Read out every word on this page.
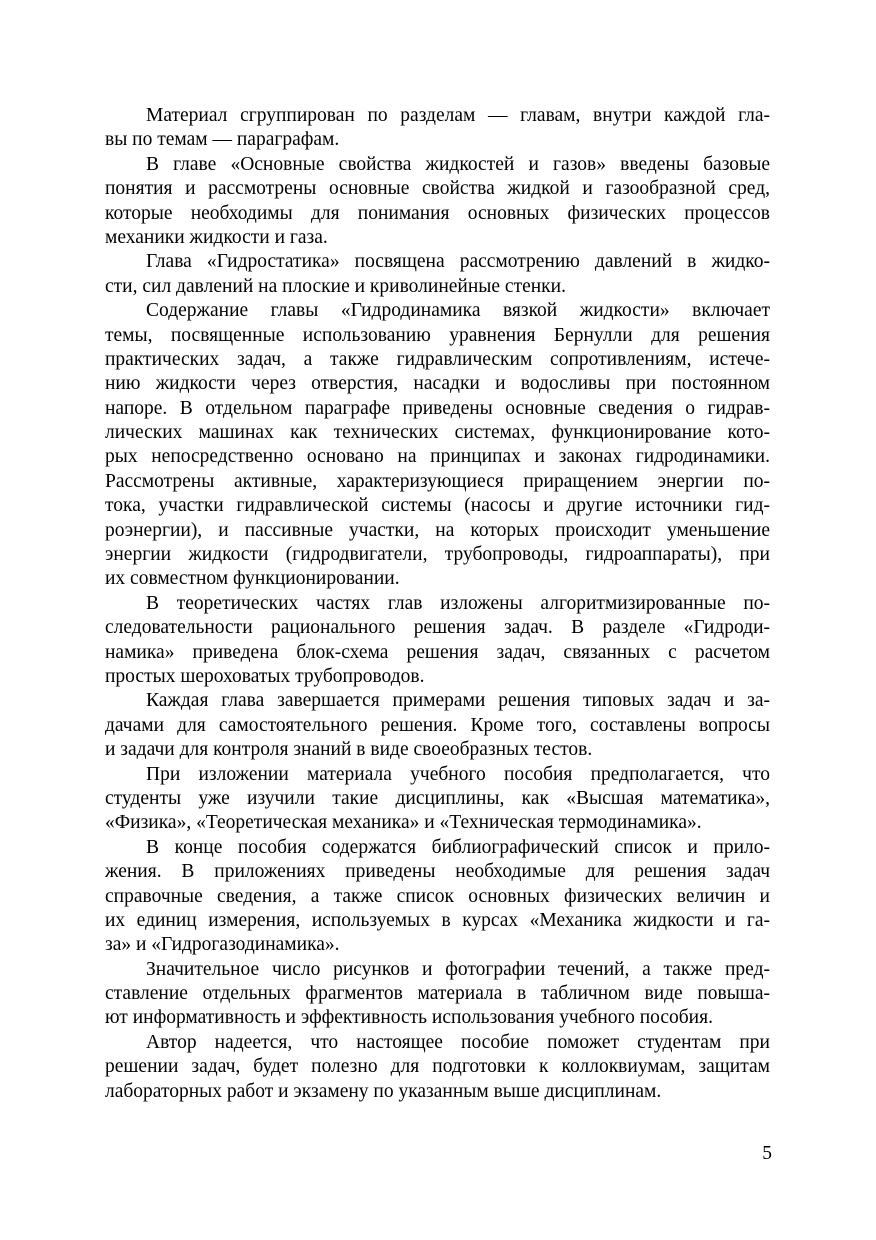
Материал сгруппирован по разделам — главам, внутри каждой гла-
вы по темам — параграфам.
В главе «Основные свойства жидкостей и газов» введены базовые
понятия и рассмотрены основные свойства жидкой и газообразной сред,
которые необходимы для понимания основных физических процессов
механики жидкости и газа.
Глава «Гидростатика» посвящена рассмотрению давлений в жидко-
сти, сил давлений на плоские и криволинейные стенки.
Содержание главы «Гидродинамика вязкой жидкости» включает
темы, посвященные использованию уравнения Бернулли для решения
практических задач, а также гидравлическим сопротивлениям, истече-
нию жидкости через отверстия, насадки и водосливы при постоянном
напоре. В отдельном параграфе приведены основные сведения о гидрав-
лических машинах как технических системах, функционирование кото-
рых непосредственно основано на принципах и законах гидродинамики.
Рассмотрены активные, характеризующиеся приращением энергии по-
тока, участки гидравлической системы (насосы и другие источники гид-
роэнергии), и пассивные участки, на которых происходит уменьшение
энергии жидкости (гидродвигатели, трубопроводы, гидроаппараты), при
их совместном функционировании.
В теоретических частях глав изложены алгоритмизированные по-
следовательности рационального решения задач. В разделе «Гидроди-
намика» приведена блок-схема решения задач, связанных с расчетом
простых шероховатых трубопроводов.
Каждая глава завершается примерами решения типовых задач и за-
дачами для самостоятельного решения. Кроме того, составлены вопросы
и задачи для контроля знаний в виде своеобразных тестов.
При изложении материала учебного пособия предполагается, что
студенты уже изучили такие дисциплины, как «Высшая математика»,
«Физика», «Теоретическая механика» и «Техническая термодинамика».
В конце пособия содержатся библиографический список и прило-
жения. В приложениях приведены необходимые для решения задач
справочные сведения, а также список основных физических величин и
их единиц измерения, используемых в курсах «Механика жидкости и га-
за» и «Гидрогазодинамика».
Значительное число рисунков и фотографии течений, а также пред-
ставление отдельных фрагментов материала в табличном виде повыша-
ют информативность и эффективность использования учебного пособия.
Автор надеется, что настоящее пособие поможет студентам при
решении задач, будет полезно для подготовки к коллоквиумам, защитам
лабораторных работ и экзамену по указанным выше дисциплинам.
5
